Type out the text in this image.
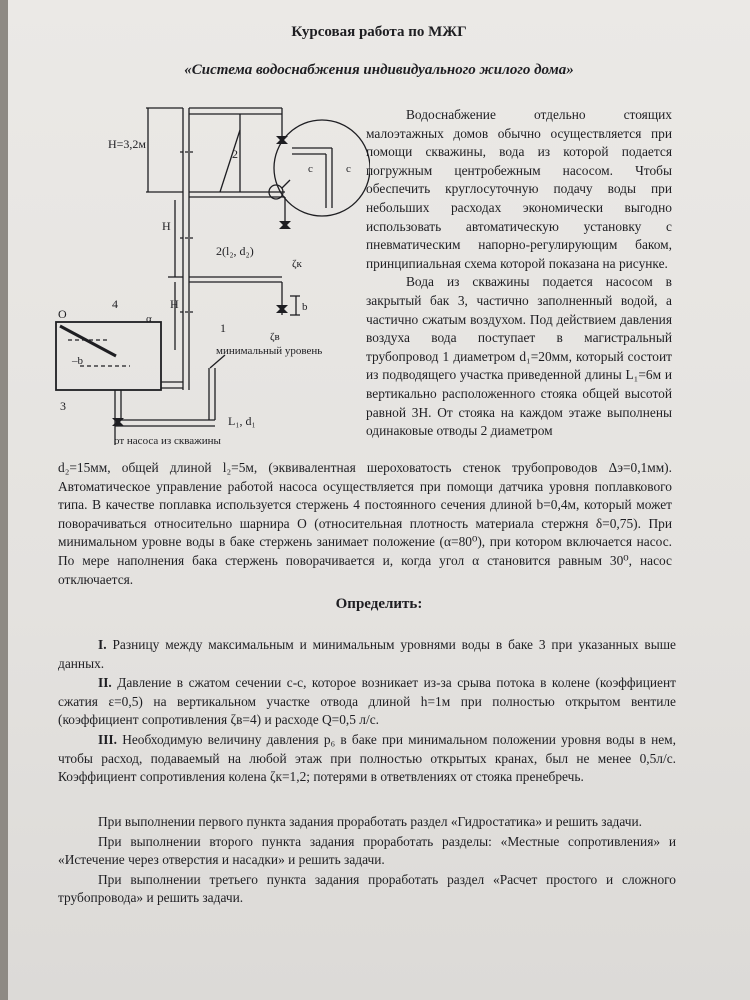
Курсовая работа по МЖГ
«Система водоснабжения индивидуального жилого дома»
Н=3,2м
2
Н
2(l₂, d₂)
ζк
Н	b
ζв
с	с
О
4
α
–b
1
минимальный уровень
3
L₁, d₁
от насоса из скважины

Водоснабжение отдельно стоящих малоэтажных домов обычно осуществляется при помощи скважины, вода из которой подается погружным центробежным насосом. Чтобы обеспечить круглосуточную подачу воды при небольших расходах экономически выгодно использовать автоматическую установку с пневматическим напорно-регулирующим баком, принципиальная схема которой показана на рисунке.

Вода из скважины подается насосом в закрытый бак 3, частично заполненный водой, а частично сжатым воздухом. Под действием давления воздуха вода поступает в магистральный трубопровод 1 диаметром d₁=20мм, который состоит из подводящего участка приведенной длины L₁=6м и вертикально расположенного стояка общей высотой равной 3Н. От стояка на каждом этаже выполнены одинаковые отводы 2 диаметром

d₂=15мм, общей длиной l₂=5м, (эквивалентная шероховатость стенок трубопроводов Δэ=0,1мм). Автоматическое управление работой насоса осуществляется при помощи датчика уровня поплавкового типа. В качестве поплавка используется стержень 4 постоянного сечения длиной b=0,4м, который может поворачиваться относительно шарнира О (относительная плотность материала стержня δ=0,75). При минимальном уровне воды в баке стержень занимает положение (α=80⁰), при котором включается насос. По мере наполнения бака стержень поворачивается и, когда угол α становится равным 30⁰, насос отключается.
Определить:

I. Разницу между максимальным и минимальным уровнями воды в баке 3 при указанных выше данных.

II. Давление в сжатом сечении с-с, которое возникает из-за срыва потока в колене (коэффициент сжатия ε=0,5) на вертикальном участке отвода длиной h=1м при полностью открытом вентиле (коэффициент сопротивления ζв=4) и расходе Q=0,5 л/с.

III. Необходимую величину давления р₆ в баке при минимальном положении уровня воды в нем, чтобы расход, подаваемый на любой этаж при полностью открытых кранах, был не менее 0,5л/с. Коэффициент сопротивления колена ζк=1,2; потерями в ответвлениях от стояка пренебречь.

При выполнении первого пункта задания проработать раздел «Гидростатика» и решить задачи.

При выполнении второго пункта задания проработать разделы: «Местные сопротивления» и «Истечение через отверстия и насадки» и решить задачи.

При выполнении третьего пункта задания проработать раздел «Расчет простого и сложного трубопровода» и решить задачи.
